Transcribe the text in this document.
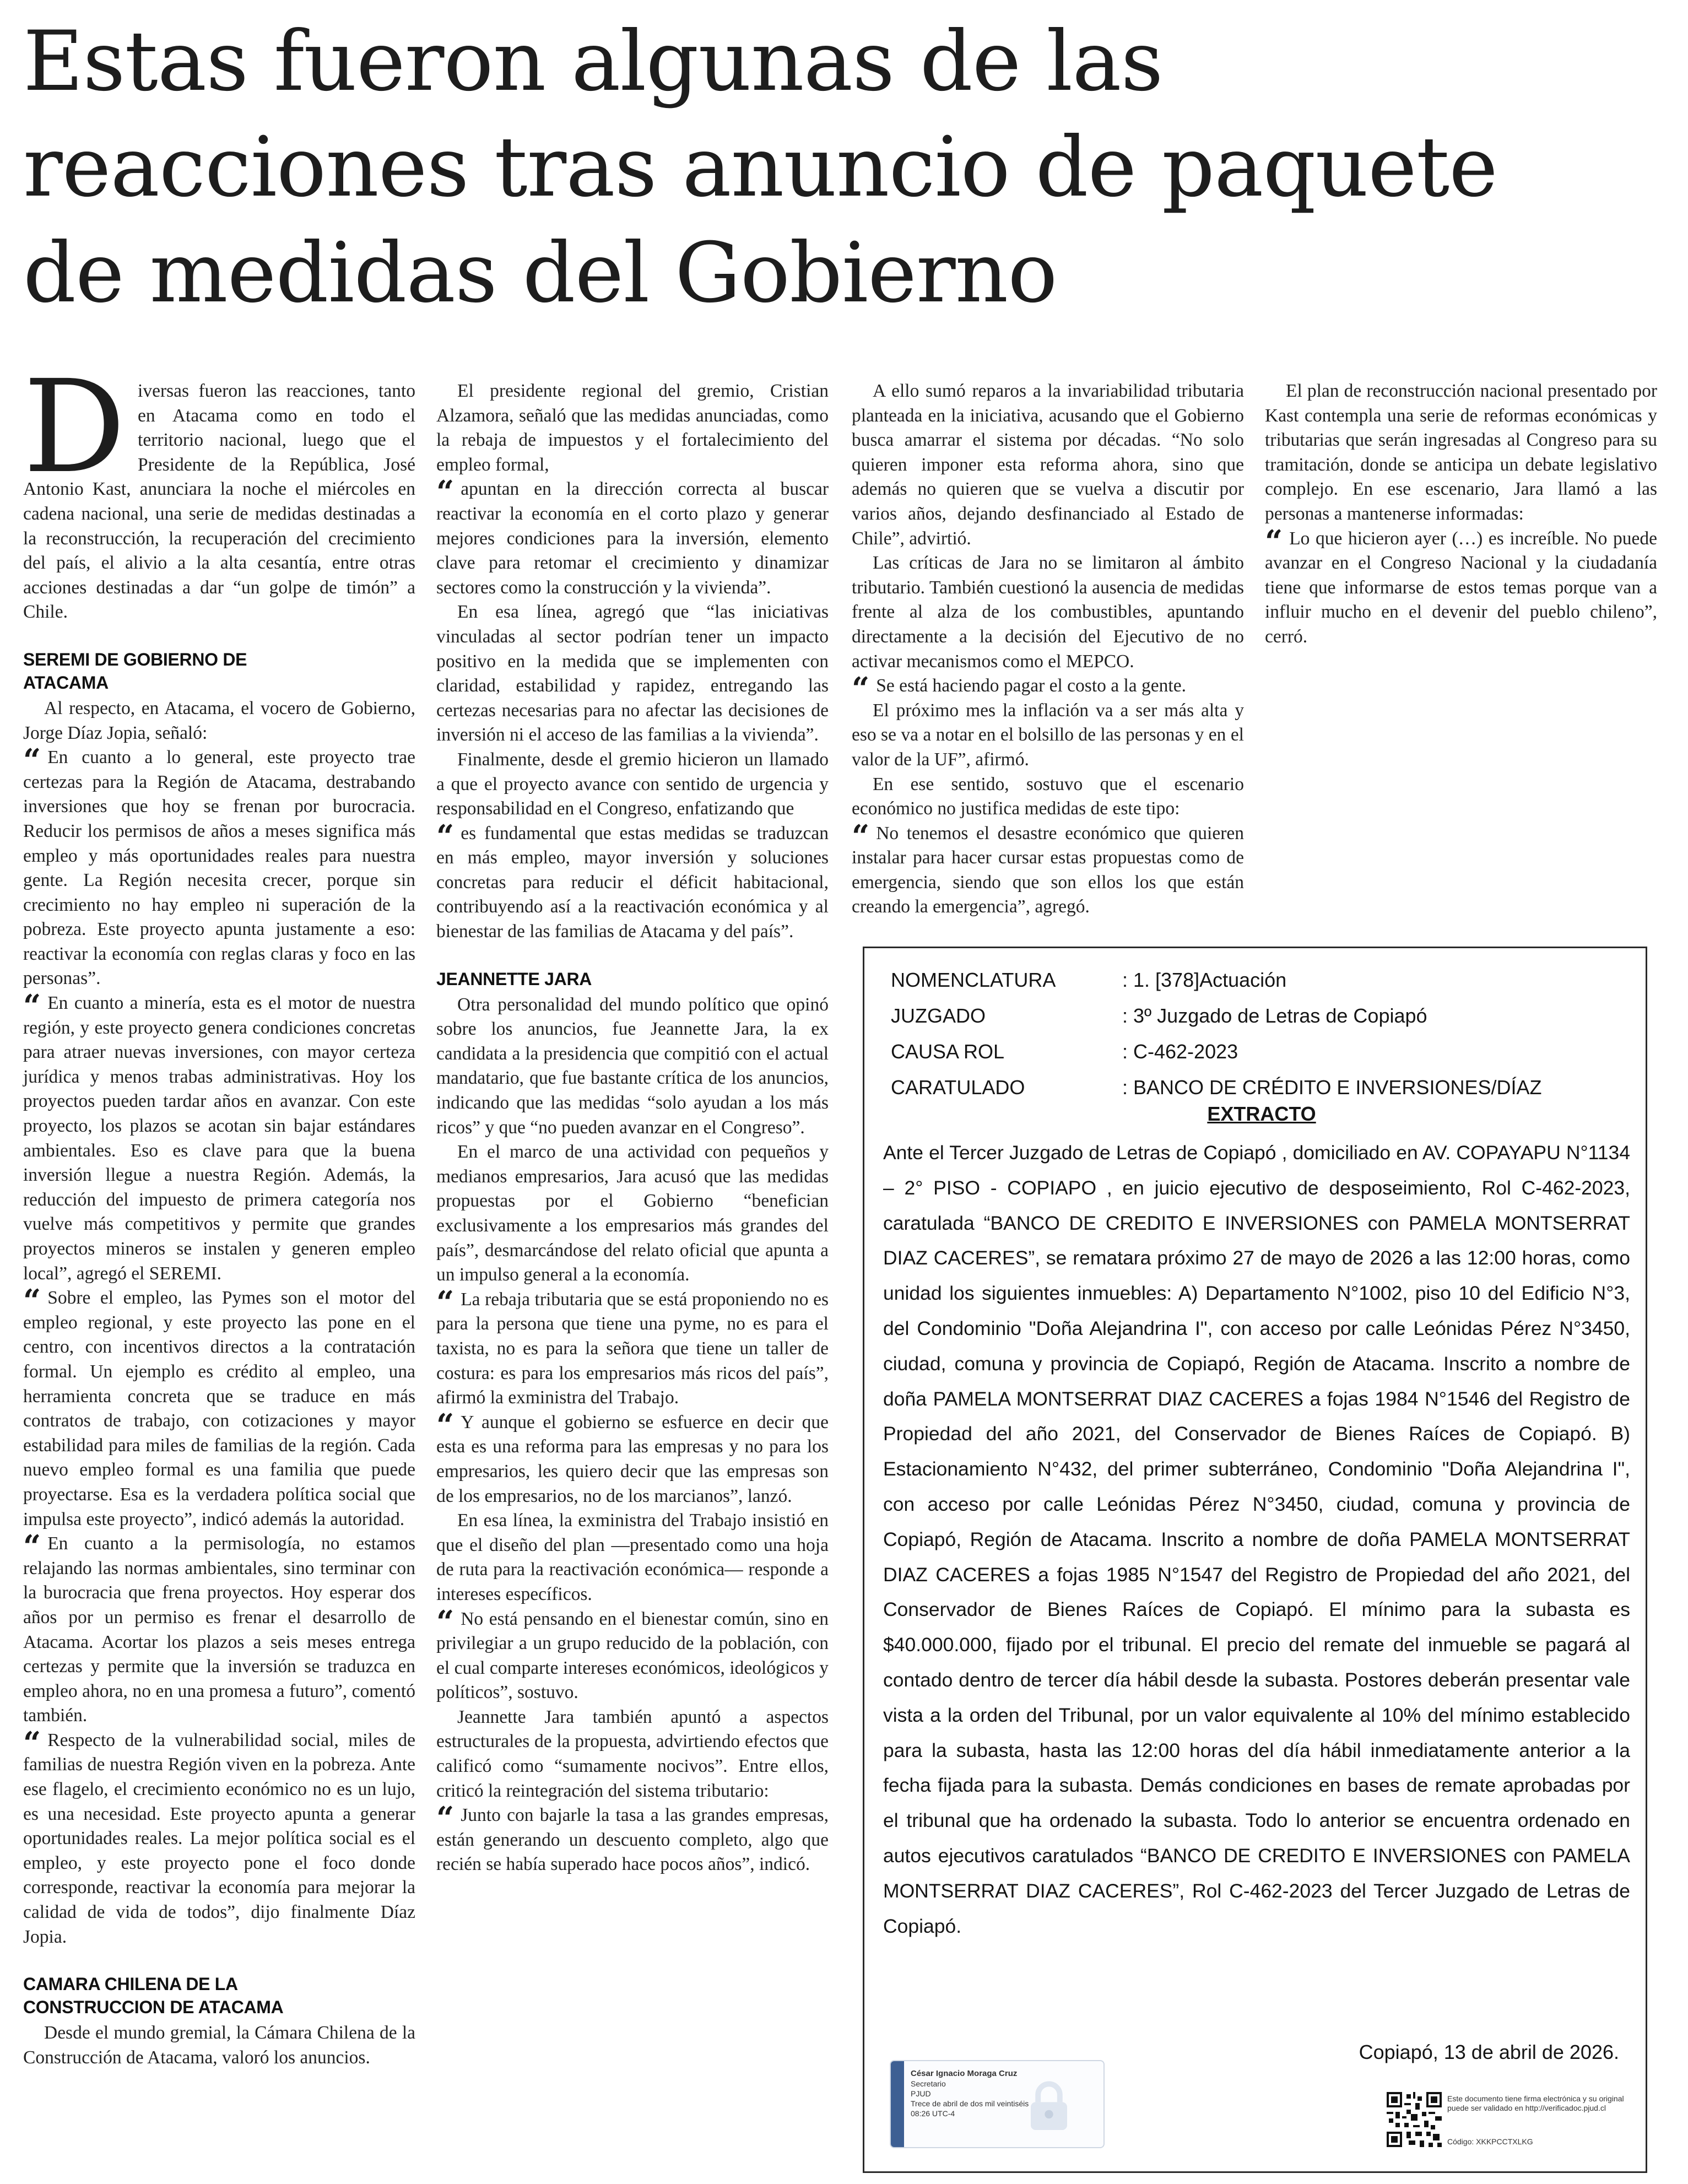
Estas fueron algunas de las
reacciones tras anuncio de paquete
de medidas del Gobierno

Diversas fueron las reacciones, tanto en Atacama como en todo el territorio nacional, luego que el Presidente de la República, José Antonio Kast, anunciara la noche el miércoles en cadena nacional, una serie de medidas destinadas a la reconstrucción, la recuperación del crecimiento del país, el alivio a la alta cesantía, entre otras acciones destinadas a dar “un golpe de timón” a Chile.

SEREMI DE GOBIERNO DE
ATACAMA

Al respecto, en Atacama, el vocero de Gobierno, Jorge Díaz Jopia, señaló:

“ En cuanto a lo general, este proyecto trae certezas para la Región de Atacama, destrabando inversiones que hoy se frenan por burocracia. Reducir los permisos de años a meses significa más empleo y más oportunidades reales para nuestra gente. La Región necesita crecer, porque sin crecimiento no hay empleo ni superación de la pobreza. Este proyecto apunta justamente a eso: reactivar la economía con reglas claras y foco en las personas”.

“ En cuanto a minería, esta es el motor de nuestra región, y este proyecto genera condiciones concretas para atraer nuevas inversiones, con mayor certeza jurídica y menos trabas administrativas. Hoy los proyectos pueden tardar años en avanzar. Con este proyecto, los plazos se acotan sin bajar estándares ambientales. Eso es clave para que la buena inversión llegue a nuestra Región. Además, la reducción del impuesto de primera categoría nos vuelve más competitivos y permite que grandes proyectos mineros se instalen y generen empleo local”, agregó el SEREMI.

“ Sobre el empleo, las Pymes son el motor del empleo regional, y este proyecto las pone en el centro, con incentivos directos a la contratación formal. Un ejemplo es crédito al empleo, una herramienta concreta que se traduce en más contratos de trabajo, con cotizaciones y mayor estabilidad para miles de familias de la región. Cada nuevo empleo formal es una familia que puede proyectarse. Esa es la verdadera política social que impulsa este proyecto”, indicó además la autoridad.

“ En cuanto a la permisología, no estamos relajando las normas ambientales, sino terminar con la burocracia que frena proyectos. Hoy esperar dos años por un permiso es frenar el desarrollo de Atacama. Acortar los plazos a seis meses entrega certezas y permite que la inversión se traduzca en empleo ahora, no en una promesa a futuro”, comentó también.

“ Respecto de la vulnerabilidad social, miles de familias de nuestra Región viven en la pobreza. Ante ese flagelo, el crecimiento económico no es un lujo, es una necesidad. Este proyecto apunta a generar oportunidades reales. La mejor política social es el empleo, y este proyecto pone el foco donde corresponde, reactivar la economía para mejorar la calidad de vida de todos”, dijo finalmente Díaz Jopia.

CAMARA CHILENA DE LA
CONSTRUCCION DE ATACAMA

Desde el mundo gremial, la Cámara Chilena de la Construcción de Atacama, valoró los anuncios.

El presidente regional del gremio, Cristian Alzamora, señaló que las medidas anunciadas, como la rebaja de impuestos y el fortalecimiento del empleo formal,

“ apuntan en la dirección correcta al buscar reactivar la economía en el corto plazo y generar mejores condiciones para la inversión, elemento clave para retomar el crecimiento y dinamizar sectores como la construcción y la vivienda”.

En esa línea, agregó que “las iniciativas vinculadas al sector podrían tener un impacto positivo en la medida que se implementen con claridad, estabilidad y rapidez, entregando las certezas necesarias para no afectar las decisiones de inversión ni el acceso de las familias a la vivienda”.

Finalmente, desde el gremio hicieron un llamado a que el proyecto avance con sentido de urgencia y responsabilidad en el Congreso, enfatizando que

“ es fundamental que estas medidas se traduzcan en más empleo, mayor inversión y soluciones concretas para reducir el déficit habitacional, contribuyendo así a la reactivación económica y al bienestar de las familias de Atacama y del país”.

JEANNETTE JARA

Otra personalidad del mundo político que opinó sobre los anuncios, fue Jeannette Jara, la ex candidata a la presidencia que compitió con el actual mandatario, que fue bastante crítica de los anuncios, indicando que las medidas “solo ayudan a los más ricos” y que “no pueden avanzar en el Congreso”.

En el marco de una actividad con pequeños y medianos empresarios, Jara acusó que las medidas propuestas por el Gobierno “benefician exclusivamente a los empresarios más grandes del país”, desmarcándose del relato oficial que apunta a un impulso general a la economía.

“ La rebaja tributaria que se está proponiendo no es para la persona que tiene una pyme, no es para el taxista, no es para la señora que tiene un taller de costura: es para los empresarios más ricos del país”, afirmó la exministra del Trabajo.

“ Y aunque el gobierno se esfuerce en decir que esta es una reforma para las empresas y no para los empresarios, les quiero decir que las empresas son de los empresarios, no de los marcianos”, lanzó.

En esa línea, la exministra del Trabajo insistió en que el diseño del plan —presentado como una hoja de ruta para la reactivación económica— responde a intereses específicos.

“ No está pensando en el bienestar común, sino en privilegiar a un grupo reducido de la población, con el cual comparte intereses económicos, ideológicos y políticos”, sostuvo.

Jeannette Jara también apuntó a aspectos estructurales de la propuesta, advirtiendo efectos que calificó como “sumamente nocivos”. Entre ellos, criticó la reintegración del sistema tributario:

“ Junto con bajarle la tasa a las grandes empresas, están generando un descuento completo, algo que recién se había superado hace pocos años”, indicó.

A ello sumó reparos a la invariabilidad tributaria planteada en la iniciativa, acusando que el Gobierno busca amarrar el sistema por décadas. “No solo quieren imponer esta reforma ahora, sino que además no quieren que se vuelva a discutir por varios años, dejando desfinanciado al Estado de Chile”, advirtió.

Las críticas de Jara no se limitaron al ámbito tributario. También cuestionó la ausencia de medidas frente al alza de los combustibles, apuntando directamente a la decisión del Ejecutivo de no activar mecanismos como el MEPCO.

“ Se está haciendo pagar el costo a la gente.

El próximo mes la inflación va a ser más alta y eso se va a notar en el bolsillo de las personas y en el valor de la UF”, afirmó.

En ese sentido, sostuvo que el escenario económico no justifica medidas de este tipo:

“ No tenemos el desastre económico que quieren instalar para hacer cursar estas propuestas como de emergencia, siendo que son ellos los que están creando la emergencia”, agregó.

El plan de reconstrucción nacional presentado por Kast contempla una serie de reformas económicas y tributarias que serán ingresadas al Congreso para su tramitación, donde se anticipa un debate legislativo complejo. En ese escenario, Jara llamó a las personas a mantenerse informadas:

“ Lo que hicieron ayer (…) es increíble. No puede avanzar en el Congreso Nacional y la ciudadanía tiene que informarse de estos temas porque van a influir mucho en el devenir del pueblo chileno”, cerró.

NOMENCLATURA	: 1. [378]Actuación
JUZGADO	: 3º Juzgado de Letras de Copiapó
CAUSA ROL	: C-462-2023
CARATULADO	: BANCO DE CRÉDITO E INVERSIONES/DÍAZ
EXTRACTO

Ante el Tercer Juzgado de Letras de Copiapó , domiciliado en AV. COPAYAPU N°1134 – 2° PISO - COPIAPO , en juicio ejecutivo de desposeimiento, Rol C-462-2023, caratulada “BANCO DE CREDITO E INVERSIONES con PAMELA MONTSERRAT DIAZ CACERES”, se rematara próximo 27 de mayo de 2026 a las 12:00 horas, como unidad los siguientes inmuebles: A) Departamento N°1002, piso 10 del Edificio N°3, del Condominio "Doña Alejandrina I", con acceso por calle Leónidas Pérez N°3450, ciudad, comuna y provincia de Copiapó, Región de Atacama. Inscrito a nombre de doña PAMELA MONTSERRAT DIAZ CACERES a fojas 1984 N°1546 del Registro de Propiedad del año 2021, del Conservador de Bienes Raíces de Copiapó. B) Estacionamiento N°432, del primer subterráneo, Condominio "Doña Alejandrina I", con acceso por calle Leónidas Pérez N°3450, ciudad, comuna y provincia de Copiapó, Región de Atacama. Inscrito a nombre de doña PAMELA MONTSERRAT DIAZ CACERES a fojas 1985 N°1547 del Registro de Propiedad del año 2021, del Conservador de Bienes Raíces de Copiapó. El mínimo para la subasta es $40.000.000, fijado por el tribunal. El precio del remate del inmueble se pagará al contado dentro de tercer día hábil desde la subasta. Postores deberán presentar vale vista a la orden del Tribunal, por un valor equivalente al 10% del mínimo establecido para la subasta, hasta las 12:00 horas del día hábil inmediatamente anterior a la fecha fijada para la subasta. Demás condiciones en bases de remate aprobadas por el tribunal que ha ordenado la subasta. Todo lo anterior se encuentra ordenado en autos ejecutivos caratulados “BANCO DE CREDITO E INVERSIONES con PAMELA MONTSERRAT DIAZ CACERES”, Rol C-462-2023 del Tercer Juzgado de Letras de Copiapó.

Copiapó, 13 de abril de 2026.
César Ignacio Moraga Cruz
Secretario
PJUD
Trece de abril de dos mil veintiséis
08:26 UTC-4
Este documento tiene firma electrónica y su original puede ser validado en http://verificadoc.pjud.cl
Código: XKKPCCTXLKG
